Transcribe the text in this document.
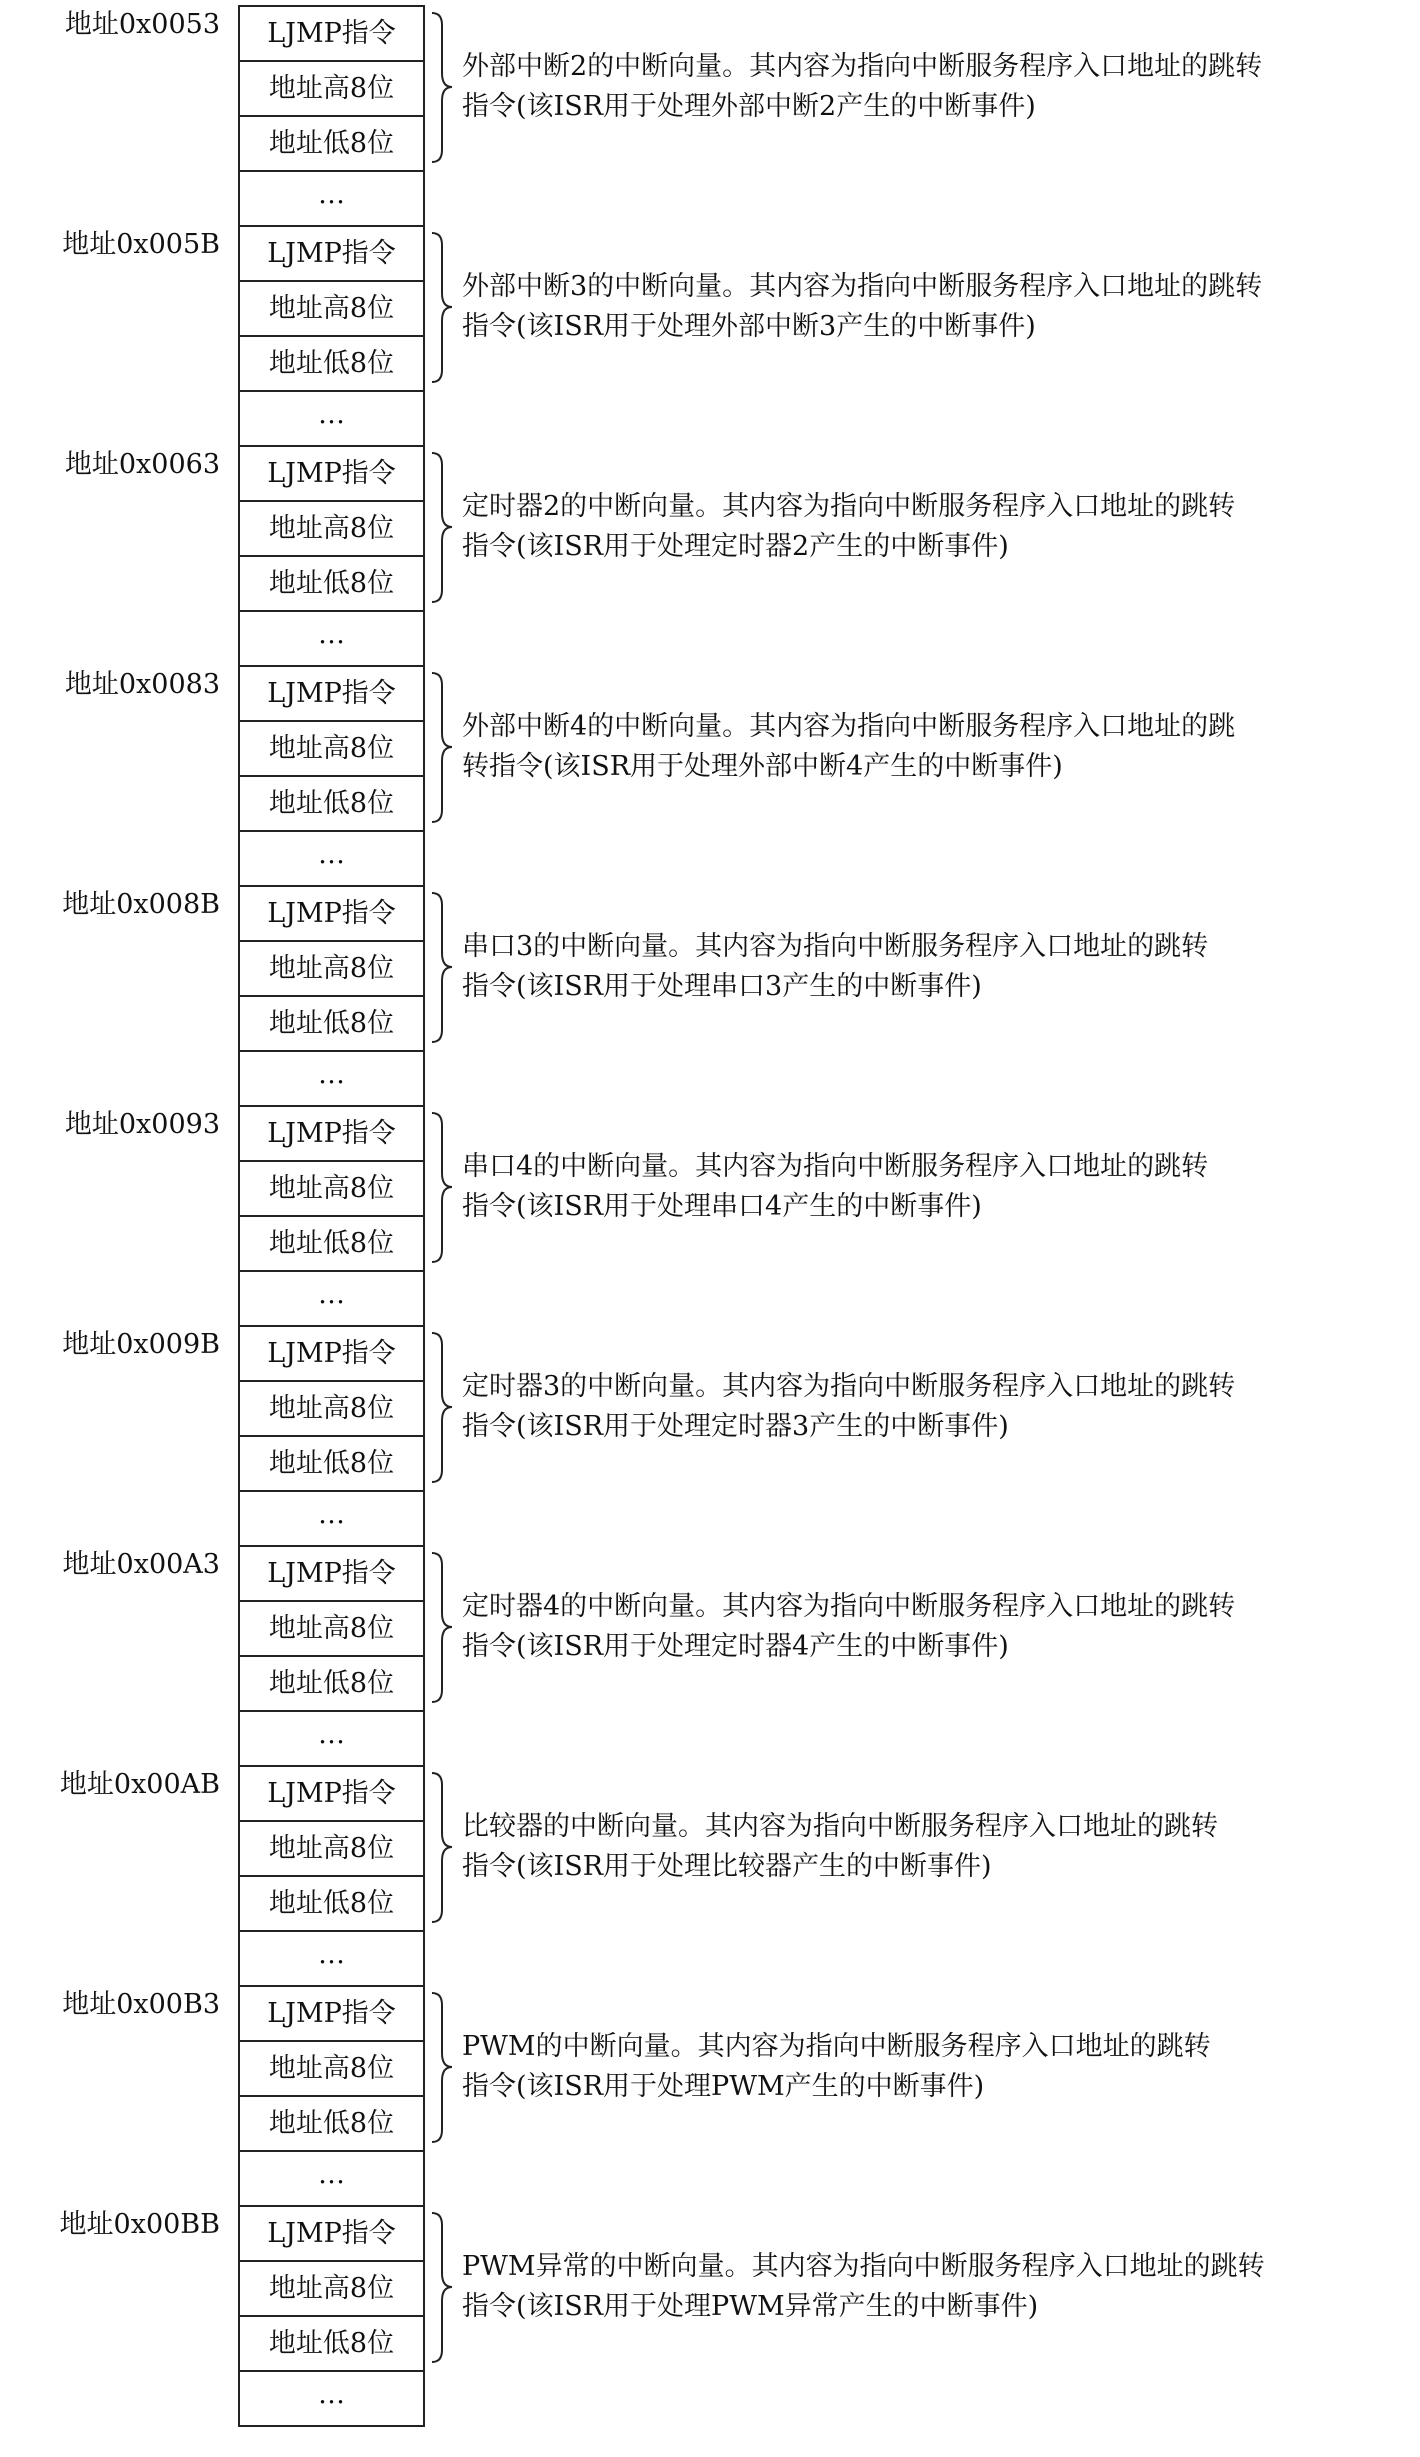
地址0x0053	LJMP指令
地址高8位
地址低8位
…
外部中断2的中断向量。其内容为指向中断服务程序入口地址的跳转
指令(该ISR用于处理外部中断2产生的中断事件)
地址0x005B	LJMP指令
地址高8位
地址低8位
…
外部中断3的中断向量。其内容为指向中断服务程序入口地址的跳转
指令(该ISR用于处理外部中断3产生的中断事件)
地址0x0063	LJMP指令
地址高8位
地址低8位
…
定时器2的中断向量。其内容为指向中断服务程序入口地址的跳转
指令(该ISR用于处理定时器2产生的中断事件)
地址0x0083	LJMP指令
地址高8位
地址低8位
…
外部中断4的中断向量。其内容为指向中断服务程序入口地址的跳
转指令(该ISR用于处理外部中断4产生的中断事件)
地址0x008B	LJMP指令
地址高8位
地址低8位
…
串口3的中断向量。其内容为指向中断服务程序入口地址的跳转
指令(该ISR用于处理串口3产生的中断事件)
地址0x0093	LJMP指令
地址高8位
地址低8位
…
串口4的中断向量。其内容为指向中断服务程序入口地址的跳转
指令(该ISR用于处理串口4产生的中断事件)
地址0x009B	LJMP指令
地址高8位
地址低8位
…
定时器3的中断向量。其内容为指向中断服务程序入口地址的跳转
指令(该ISR用于处理定时器3产生的中断事件)
地址0x00A3	LJMP指令
地址高8位
地址低8位
…
定时器4的中断向量。其内容为指向中断服务程序入口地址的跳转
指令(该ISR用于处理定时器4产生的中断事件)
地址0x00AB	LJMP指令
地址高8位
地址低8位
…
比较器的中断向量。其内容为指向中断服务程序入口地址的跳转
指令(该ISR用于处理比较器产生的中断事件)
地址0x00B3	LJMP指令
地址高8位
地址低8位
…
PWM的中断向量。其内容为指向中断服务程序入口地址的跳转
指令(该ISR用于处理PWM产生的中断事件)
地址0x00BB	LJMP指令
地址高8位
地址低8位
…
PWM异常的中断向量。其内容为指向中断服务程序入口地址的跳转
指令(该ISR用于处理PWM异常产生的中断事件)
